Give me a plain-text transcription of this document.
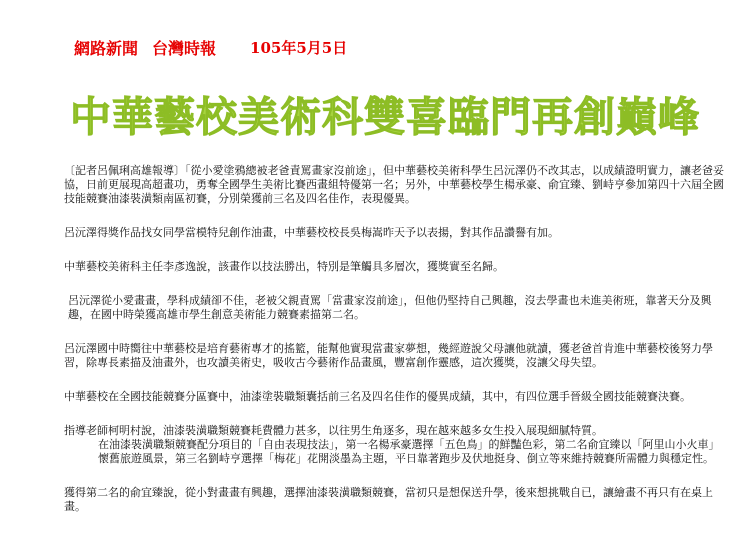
網路新聞 台灣時報 105年5月5日
中華藝校美術科雙喜臨門再創巔峰

〔記者呂佩琍高雄報導〕「從小愛塗鴉總被老爸責罵畫家沒前途」，但中華藝校美術科學生呂沅澤仍不改其志，以成績證明實力，讓老爸妥協，日前更展現高超畫功，勇奪全國學生美術比賽西畫組特優第一名；另外，中華藝校學生楊承豪、俞宜臻、劉峙亨參加第四十六屆全國技能競賽油漆裝潢類南區初賽，分別榮獲前三名及四名佳作，表現優異。

呂沅澤得獎作品找女同學當模特兒創作油畫，中華藝校校長吳梅嵩昨天予以表揚，對其作品讚譽有加。

中華藝校美術科主任李彥逸說，該畫作以技法勝出，特別是筆觸具多層次，獲獎實至名歸。

呂沅澤從小愛畫畫，學科成績卻不佳，老被父親責罵「當畫家沒前途」，但他仍堅持自己興趣，沒去學畫也未進美術班，靠著天分及興趣，在國中時榮獲高雄市學生創意美術能力競賽素描第二名。

呂沅澤國中時嚮往中華藝校是培育藝術專才的搖籃，能幫他實現當畫家夢想，幾經遊說父母讓他就讀，獲老爸首肯進中華藝校後努力學習，除專長素描及油畫外，也攻讀美術史，吸收古今藝術作品畫風，豐富創作靈感，這次獲獎，沒讓父母失望。

中華藝校在全國技能競賽分區賽中，油漆塗裝職類囊括前三名及四名佳作的優異成績，其中，有四位選手晉級全國技能競賽決賽。

指導老師柯明村說，油漆裝潢職類競賽耗費體力甚多，以往男生角逐多，現在越來越多女生投入展現細膩特質。
在油漆裝潢職類競賽配分項目的「自由表現技法」，第一名楊承豪選擇「五色鳥」的鮮豔色彩，第二名俞宜臻以「阿里山小火車」懷舊旅遊風景，第三名劉峙亨選擇「梅花」花開淡墨為主題，平日靠著跑步及伏地挺身、倒立等來維持競賽所需體力與穩定性。

獲得第二名的俞宜臻說，從小對畫畫有興趣，選擇油漆裝潢職類競賽，當初只是想保送升學，後來想挑戰自已，讓繪畫不再只有在桌上畫。
